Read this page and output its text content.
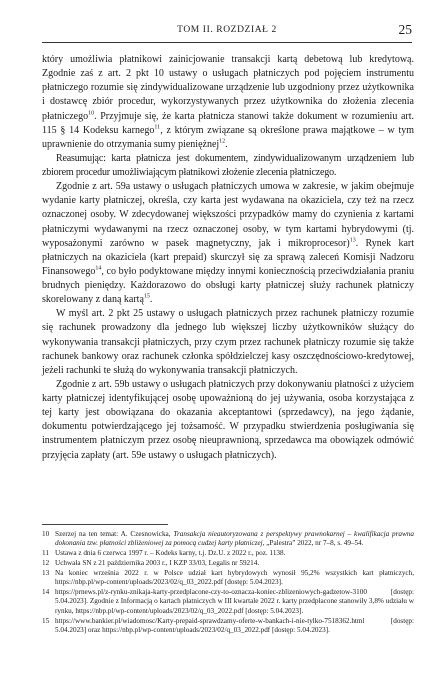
TOM II. ROZDZIAŁ 2	25

który umożliwia płatnikowi zainicjowanie transakcji kartą debetową lub kredytową. Zgodnie zaś z art. 2 pkt 10 ustawy o usługach płatniczych pod pojęciem instrumentu płatniczego rozumie się zindywidualizowane urządzenie lub uzgodniony przez użytkownika i dostawcę zbiór procedur, wykorzystywanych przez użytkownika do złożenia zlecenia płatniczego$^{10}$. Przyjmuje się, że karta płatnicza stanowi także dokument w rozumieniu art. 115 § 14 Kodeksu karnego$^{11}$, z którym związane są określone prawa majątkowe – w tym uprawnienie do otrzymania sumy pieniężnej$^{12}$.

Reasumując: karta płatnicza jest dokumentem, zindywidualizowanym urządzeniem lub zbiorem procedur umożliwiającym płatnikowi złożenie zlecenia płatniczego.

Zgodnie z art. 59a ustawy o usługach płatniczych umowa w zakresie, w jakim obejmuje wydanie karty płatniczej, określa, czy karta jest wydawana na okaziciela, czy też na rzecz oznaczonej osoby. W zdecydowanej większości przypadków mamy do czynienia z kartami płatniczymi wydawanymi na rzecz oznaczonej osoby, w tym kartami hybrydowymi (tj. wyposażonymi zarówno w pasek magnetyczny, jak i mikroprocesor)$^{13}$. Rynek kart płatniczych na okaziciela (kart prepaid) skurczył się za sprawą zaleceń Komisji Nadzoru Finansowego$^{14}$, co było podyktowane między innymi koniecznością przeciwdziałania praniu brudnych pieniędzy. Każdorazowo do obsługi karty płatniczej służy rachunek płatniczy skorelowany z daną kartą$^{15}$.

W myśl art. 2 pkt 25 ustawy o usługach płatniczych przez rachunek płatniczy rozumie się rachunek prowadzony dla jednego lub większej liczby użytkowników służący do wykonywania transakcji płatniczych, przy czym przez rachunek płatniczy rozumie się także rachunek bankowy oraz rachunek członka spółdzielczej kasy oszczędnościowo-kredytowej, jeżeli rachunki te służą do wykonywania transakcji płatniczych.

Zgodnie z art. 59b ustawy o usługach płatniczych przy dokonywaniu płatności z użyciem karty płatniczej identyfikującej osobę upoważnioną do jej używania, osoba korzystająca z tej karty jest obowiązana do okazania akceptantowi (sprzedawcy), na jego żądanie, dokumentu potwierdzającego jej tożsamość. W przypadku stwierdzenia posługiwania się instrumentem płatniczym przez osobę nieuprawnioną, sprzedawca ma obowiązek odmówić przyjęcia zapłaty (art. 59e ustawy o usługach płatniczych).

10 Szerzej na ten temat: A. Czesnowicka, Transakcja nieautoryzowana z perspektywy prawnokarnej – kwalifikacja prawna dokonania tzw. płatności zbliżeniowej za pomocą cudzej karty płatniczej, „Palestra” 2022, nr 7–8, s. 49–54.
11 Ustawa z dnia 6 czerwca 1997 r. – Kodeks karny, t.j. Dz.U. z 2022 r., poz. 1138.
12 Uchwała SN z 21 października 2003 r., I KZP 33/03, Legalis nr 59214.
13 Na koniec września 2022 r. w Polsce udział kart hybrydowych wynosił 95,2% wszystkich kart płatniczych, https://nbp.pl/wp-content/uploads/2023/02/q_03_2022.pdf [dostęp: 5.04.2023].
14 https://prnews.pl/z-rynku-znikaja-karty-przedplacone-czy-to-oznacza-koniec-zblizeniowych-gadzetow-3100 [dostęp: 5.04.2023]. Zgodnie z Informacją o kartach płatniczych w III kwartale 2022 r. karty przedpłacone stanowiły 3,8% udziału w rynku, https://nbp.pl/wp-content/uploads/2023/02/q_03_2022.pdf [dostęp: 5.04.2023].
15 https://www.bankier.pl/wiadomosc/Karty-prepaid-sprawdzamy-oferte-w-bankach-i-nie-tylko-7518362.html [dostęp: 5.04.2023] oraz https://nbp.pl/wp-content/uploads/2023/02/q_03_2022.pdf [dostęp: 5.04.2023].
